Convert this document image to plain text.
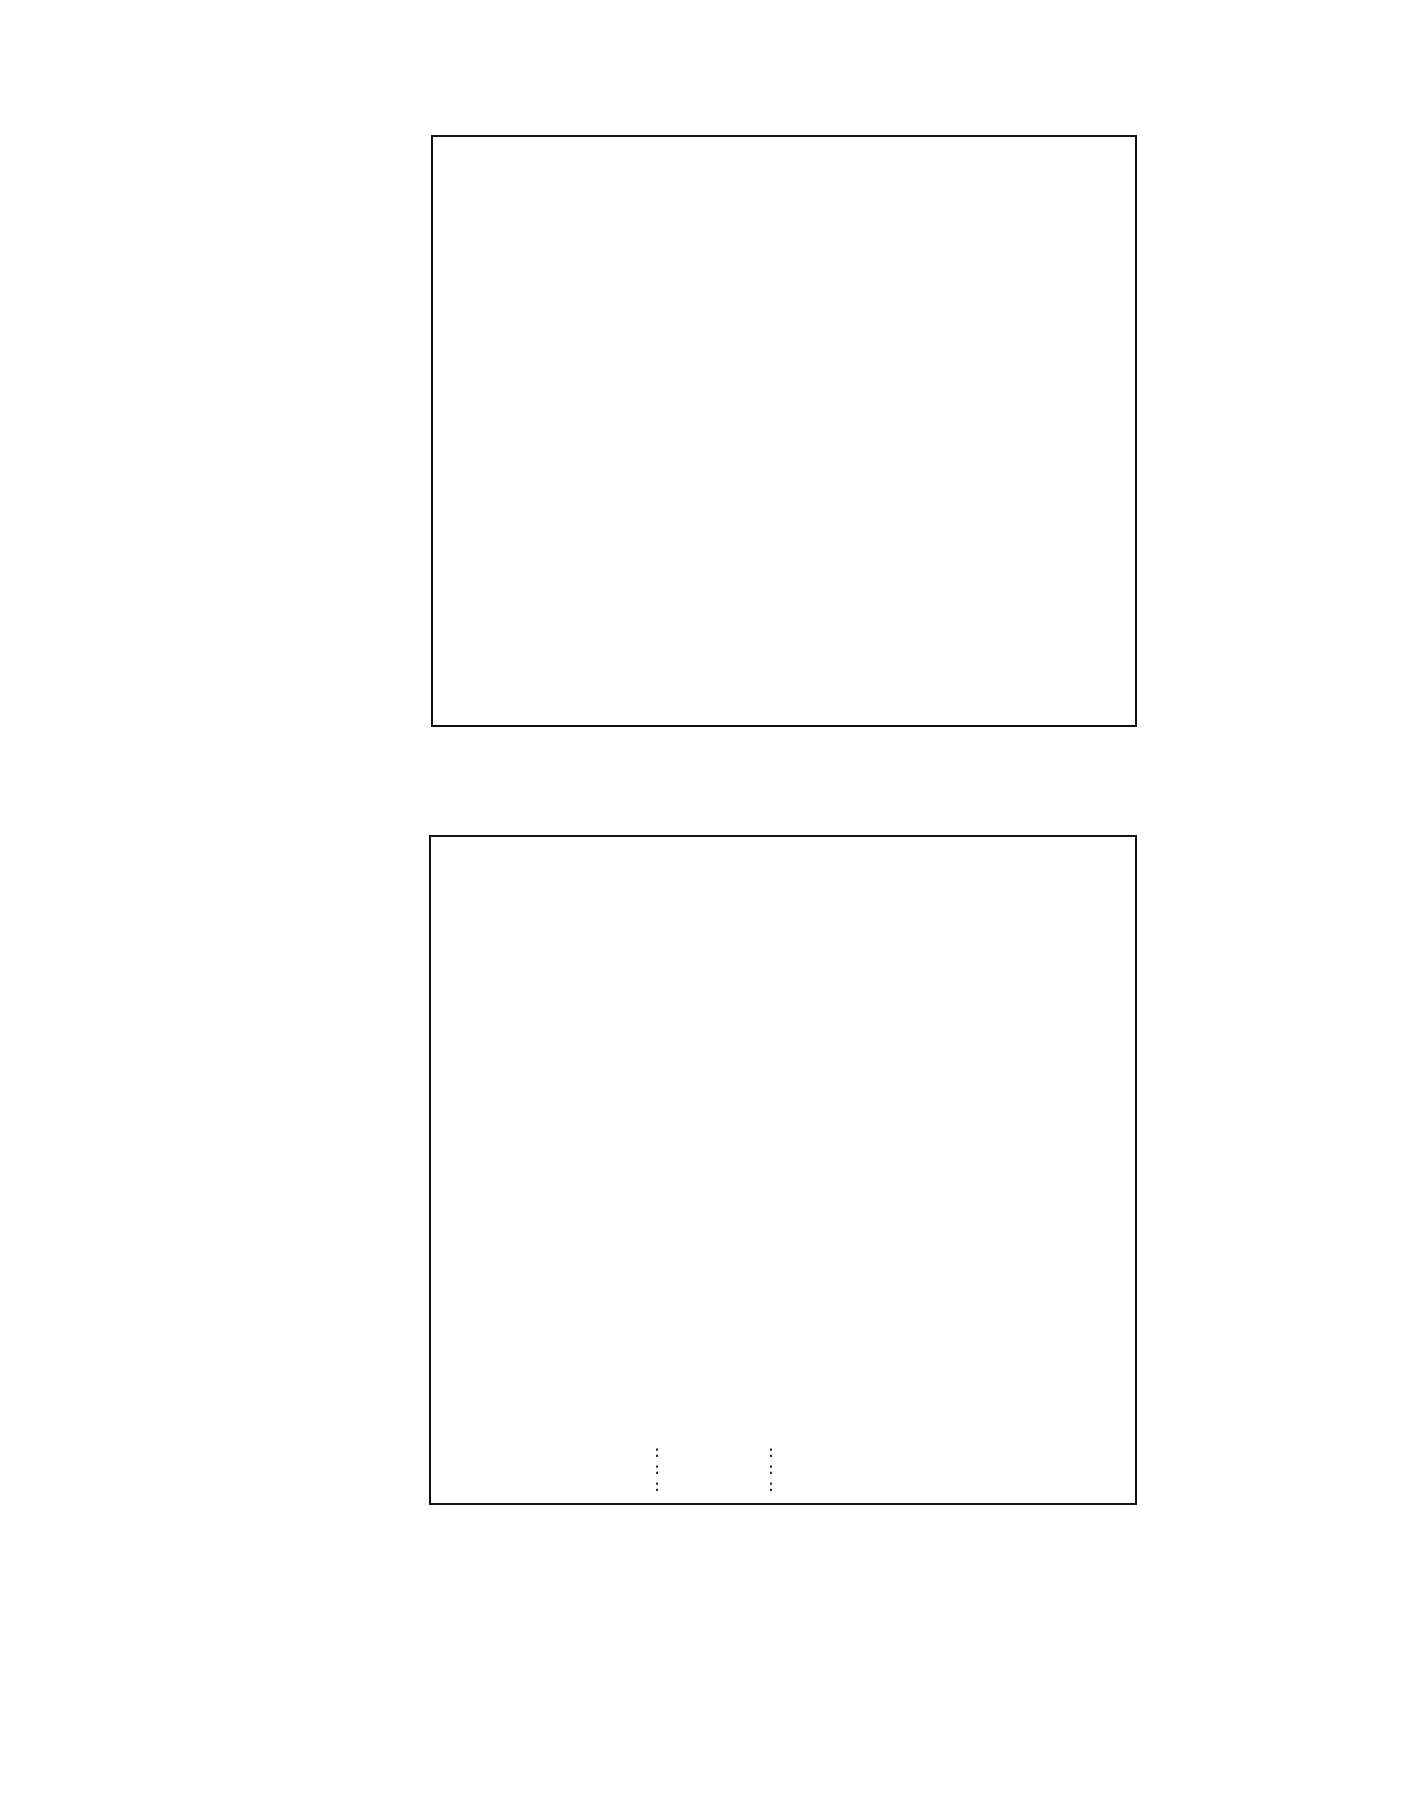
:	:
:	:
:	:
